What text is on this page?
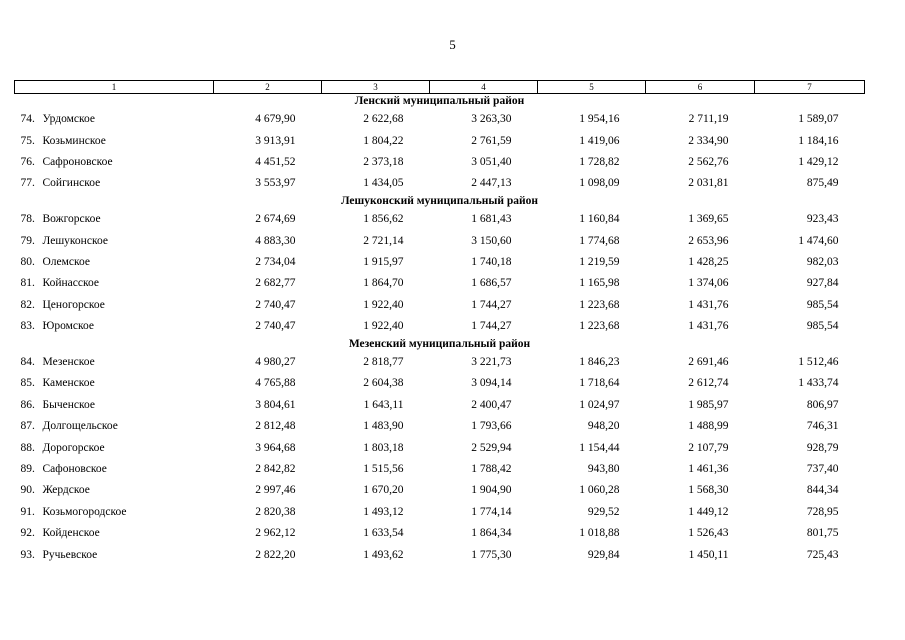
5
1	2	3	4	5	6	7
Ленский муниципальный район						
74. Урдомское	4 679,90	2 622,68	3 263,30	1 954,16	2 711,19	1 589,07
75. Козьминское	3 913,91	1 804,22	2 761,59	1 419,06	2 334,90	1 184,16
76. Сафроновское	4 451,52	2 373,18	3 051,40	1 728,82	2 562,76	1 429,12
77. Сойгинское	3 553,97	1 434,05	2 447,13	1 098,09	2 031,81	875,49
Лешуконский муниципальный район						
78. Вожгорское	2 674,69	1 856,62	1 681,43	1 160,84	1 369,65	923,43
79. Лешуконское	4 883,30	2 721,14	3 150,60	1 774,68	2 653,96	1 474,60
80. Олемское	2 734,04	1 915,97	1 740,18	1 219,59	1 428,25	982,03
81. Койнасское	2 682,77	1 864,70	1 686,57	1 165,98	1 374,06	927,84
82. Ценогорское	2 740,47	1 922,40	1 744,27	1 223,68	1 431,76	985,54
83. Юромское	2 740,47	1 922,40	1 744,27	1 223,68	1 431,76	985,54
Мезенский муниципальный район						
84. Мезенское	4 980,27	2 818,77	3 221,73	1 846,23	2 691,46	1 512,46
85. Каменское	4 765,88	2 604,38	3 094,14	1 718,64	2 612,74	1 433,74
86. Быченское	3 804,61	1 643,11	2 400,47	1 024,97	1 985,97	806,97
87. Долгощельское	2 812,48	1 483,90	1 793,66	948,20	1 488,99	746,31
88. Дорогорское	3 964,68	1 803,18	2 529,94	1 154,44	2 107,79	928,79
89. Сафоновское	2 842,82	1 515,56	1 788,42	943,80	1 461,36	737,40
90. Жердское	2 997,46	1 670,20	1 904,90	1 060,28	1 568,30	844,34
91. Козьмогородское	2 820,38	1 493,12	1 774,14	929,52	1 449,12	728,95
92. Койденское	2 962,12	1 633,54	1 864,34	1 018,88	1 526,43	801,75
93. Ручьевское	2 822,20	1 493,62	1 775,30	929,84	1 450,11	725,43
